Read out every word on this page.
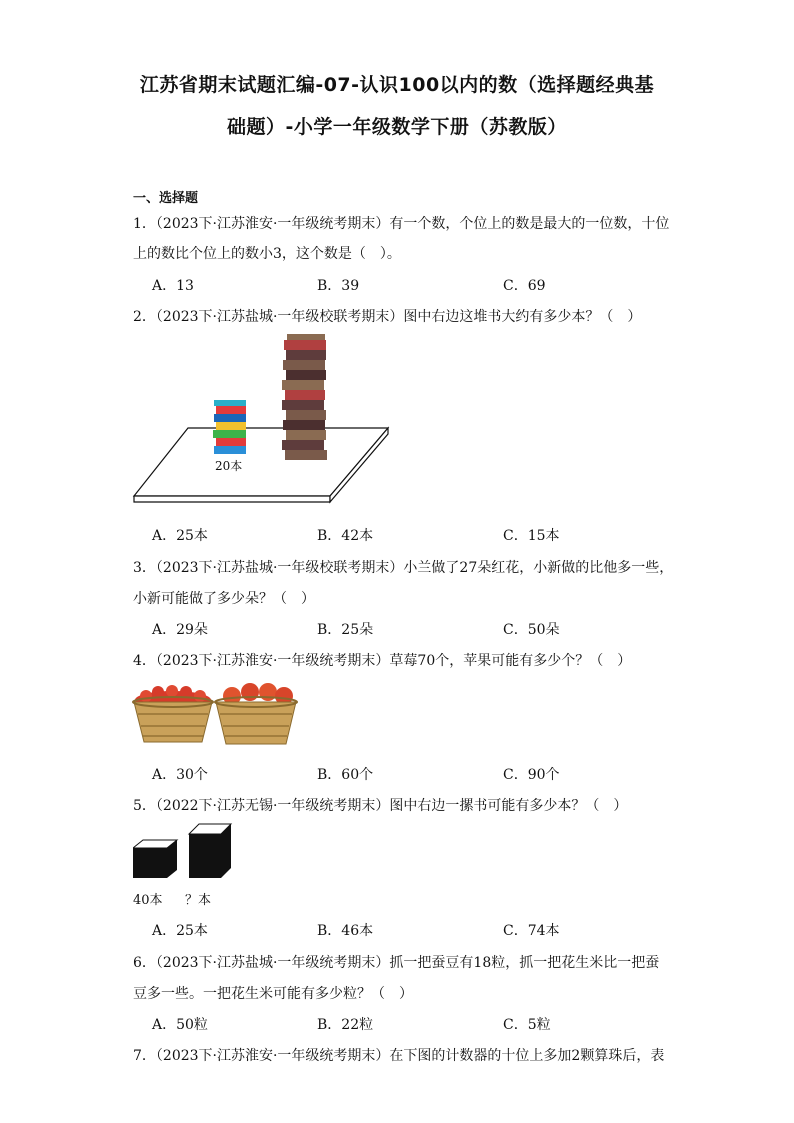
江苏省期末试题汇编-07-认识100以内的数（选择题经典基
础题）-小学一年级数学下册（苏教版）
一、选择题
1．（2023下·江苏淮安·一年级统考期末）有一个数，个位上的数是最大的一位数，十位
上的数比个位上的数小3，这个数是（　）。
A．13	B．39	C．69
2．（2023下·江苏盐城·一年级校联考期末）图中右边这堆书大约有多少本？（　）
20本
A．25本	B．42本	C．15本
3．（2023下·江苏盐城·一年级校联考期末）小兰做了27朵红花，小新做的比他多一些，
小新可能做了多少朵？（　）
A．29朵	B．25朵	C．50朵
4．（2023下·江苏淮安·一年级统考期末）草莓70个，苹果可能有多少个？（　）
A．30个	B．60个	C．90个
5．（2022下·江苏无锡·一年级统考期末）图中右边一摞书可能有多少本？（　）
40本 ？本
A．25本	B．46本	C．74本
6．（2023下·江苏盐城·一年级统考期末）抓一把蚕豆有18粒，抓一把花生米比一把蚕
豆多一些。一把花生米可能有多少粒？（　）
A．50粒	B．22粒	C．5粒
7．（2023下·江苏淮安·一年级统考期末）在下图的计数器的十位上多加2颗算珠后，表
